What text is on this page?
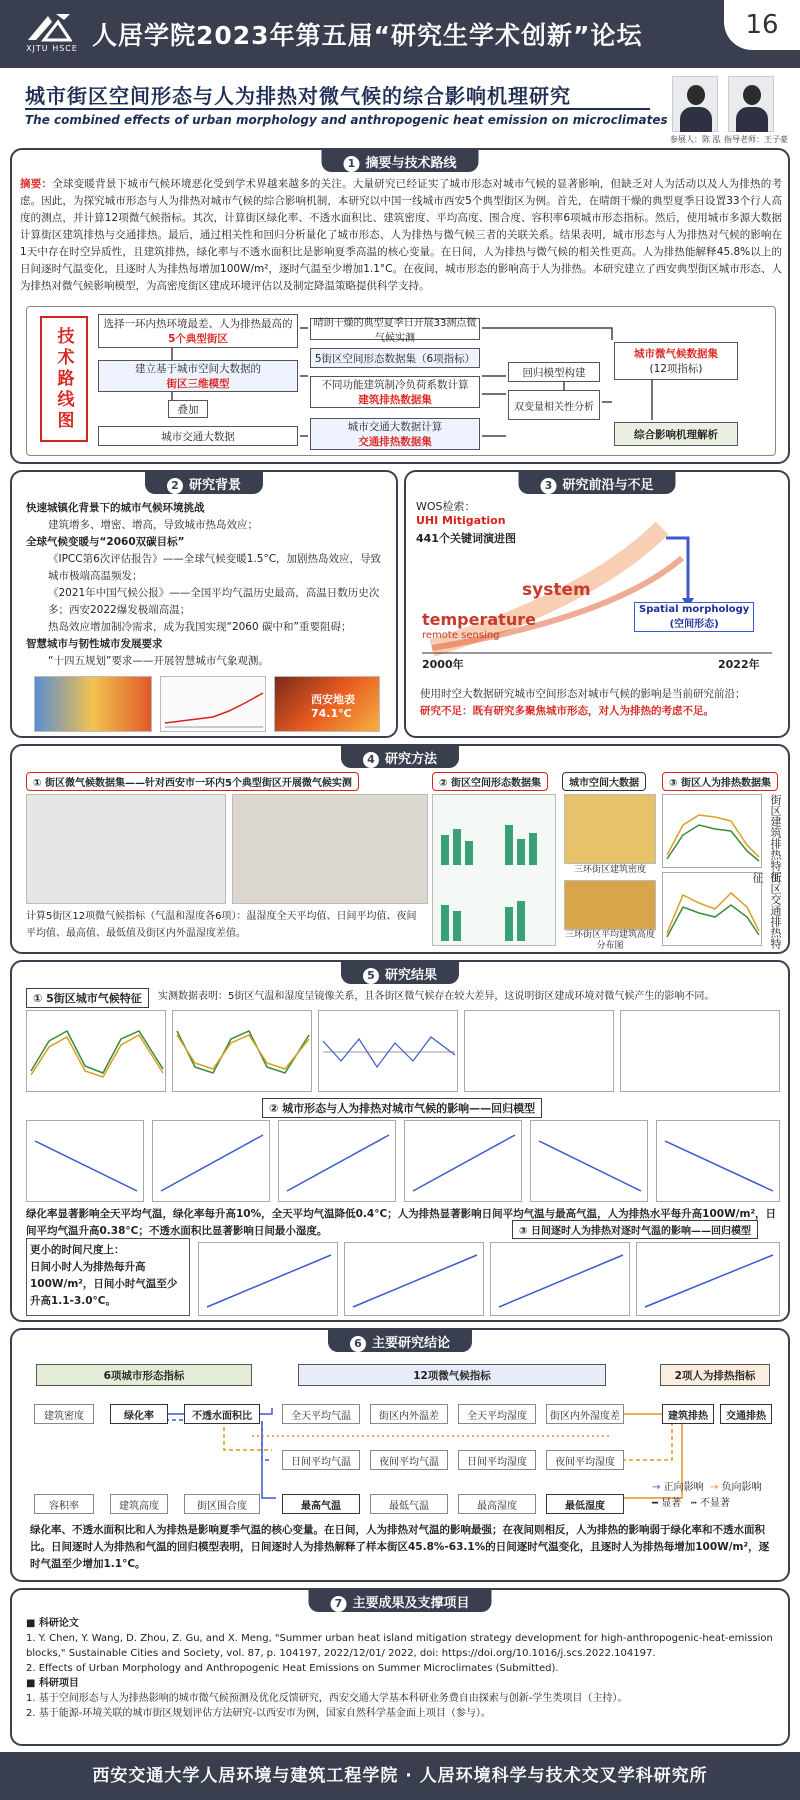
XJTU HSCE 人居学院2023年第五届“研究生学术创新”论坛	16
城市街区空间形态与人为排热对微气候的综合影响机理研究
The combined effects of urban morphology and anthropogenic heat emission on microclimates
参展人：陈 泓 指导老师：王子豪
1 摘要与技术路线
摘要：全球变暖背景下城市气候环境恶化受到学术界越来越多的关注。大量研究已经证实了城市形态对城市气候的显著影响，但缺乏对人为活动以及人为排热的考虑。因此，为探究城市形态与人为排热对城市气候的综合影响机制，本研究以中国一线城市西安5个典型街区为例。首先，在晴朗干燥的典型夏季日设置33个行人高度的测点，并计算12项微气候指标。其次，计算街区绿化率、不透水面积比、建筑密度、平均高度、围合度、容积率6项城市形态指标。然后，使用城市多源大数据计算街区建筑排热与交通排热。最后，通过相关性和回归分析量化了城市形态、人为排热与微气候三者的关联关系。结果表明，城市形态与人为排热对气候的影响在1天中存在时空异质性，且建筑排热，绿化率与不透水面积比是影响夏季高温的核心变量。在日间，人为排热与微气候的相关性更高。人为排热能解释45.8%以上的日间逐时气温变化，且逐时人为排热每增加100W/m²，逐时气温至少增加1.1°C。在夜间，城市形态的影响高于人为排热。本研究建立了西安典型街区城市形态、人为排热对微气候影响模型，为高密度街区建成环境评估以及制定降温策略提供科学支持。
技术路线图
选择一环内热环境最差、人为排热最高的
5个典型街区
建立基于城市空间大数据的
街区三维模型
叠加
城市交通大数据
晴朗干燥的典型夏季日开展33测点微气候实测
5街区空间形态数据集（6项指标）
不同功能建筑制冷负荷系数计算
建筑排热数据集
城市交通大数据计算
交通排热数据集
回归模型构建
双变量相关性分析
城市微气候数据集
(12项指标)
综合影响机理解析
2 研究背景
快速城镇化背景下的城市气候环境挑战
建筑增多、增密、增高，导致城市热岛效应；
全球气候变暖与“2060双碳目标”
《IPCC第6次评估报告》——全球气候变暖1.5°C，加剧热岛效应，导致城市极端高温频发；
《2021年中国气候公报》——全国平均气温历史最高，高温日数历史次多；西安2022爆发极端高温；
热岛效应增加制冷需求，成为我国实现“2060 碳中和”重要阻碍；
智慧城市与韧性城市发展要求
“十四五规划”要求——开展智慧城市气象观测。
西安地表74.1°C
3 研究前沿与不足
WOS检索：
UHI Mitigation
441个关键词演进图
temperature
system
remote sensing
Spatial morphology
(空间形态)
2000年	2022年
使用时空大数据研究城市空间形态对城市气候的影响是当前研究前沿；
研究不足：既有研究多聚焦城市形态，对人为排热的考虑不足。
4 研究方法
① 街区微气候数据集——针对西安市一环内5个典型街区开展微气候实测	② 街区空间形态数据集	城市空间大数据	③ 街区人为排热数据集
计算5街区12项微气候指标（气温和湿度各6项）：温湿度全天平均值、日间平均值、夜间平均值、最高值、最低值及街区内外温湿度差值。
三环街区建筑密度
三环街区平均建筑高度分布图
街区建筑排热特征
街区交通排热特征
5 研究结果
① 5街区城市气候特征	实测数据表明：5街区气温和湿度呈镜像关系，且各街区微气候存在较大差异，这说明街区建成环境对微气候产生的影响不同。
② 城市形态与人为排热对城市气候的影响——回归模型
绿化率显著影响全天平均气温，绿化率每升高10%，全天平均气温降低0.4°C；人为排热显著影响日间平均气温与最高气温，人为排热水平每升高100W/m²，日间平均气温升高0.38°C；不透水面积比显著影响日间最小湿度。	③ 日间逐时人为排热对逐时气温的影响——回归模型
更小的时间尺度上：
日间小时人为排热每升高100W/m²，日间小时气温至少升高1.1-3.0°C。
6 主要研究结论
6项城市形态指标	12项微气候指标	2项人为排热指标
建筑密度	绿化率	不透水面积比
容积率	建筑高度	街区围合度
全天平均气温	街区内外温差	全天平均湿度	街区内外湿度差
日间平均气温	夜间平均气温	日间平均湿度	夜间平均湿度
最高气温	最低气温	最高湿度	最低湿度
建筑排热	交通排热
→ 正向影响 → 负向影响
━ 显著 ┅ 不显著
绿化率、不透水面积比和人为排热是影响夏季气温的核心变量。在日间，人为排热对气温的影响最强；在夜间则相反，人为排热的影响弱于绿化率和不透水面积比。日间逐时人为排热和气温的回归模型表明，日间逐时人为排热解释了样本街区45.8%-63.1%的日间逐时气温变化，且逐时人为排热每增加100W/m²，逐时气温至少增加1.1°C。
7 主要成果及支撑项目
■ 科研论文
1. Y. Chen, Y. Wang, D. Zhou, Z. Gu, and X. Meng, "Summer urban heat island mitigation strategy development for high-anthropogenic-heat-emission blocks," Sustainable Cities and Society, vol. 87, p. 104197, 2022/12/01/ 2022, doi: https://doi.org/10.1016/j.scs.2022.104197.
2. Effects of Urban Morphology and Anthropogenic Heat Emissions on Summer Microclimates (Submitted).
■ 科研项目
1. 基于空间形态与人为排热影响的城市微气候预测及优化反馈研究，西安交通大学基本科研业务费自由探索与创新-学生类项目（主持）。
2. 基于能源-环境关联的城市街区规划评估方法研究-以西安市为例，国家自然科学基金面上项目（参与）。
西安交通大学人居环境与建筑工程学院 · 人居环境科学与技术交叉学科研究所
